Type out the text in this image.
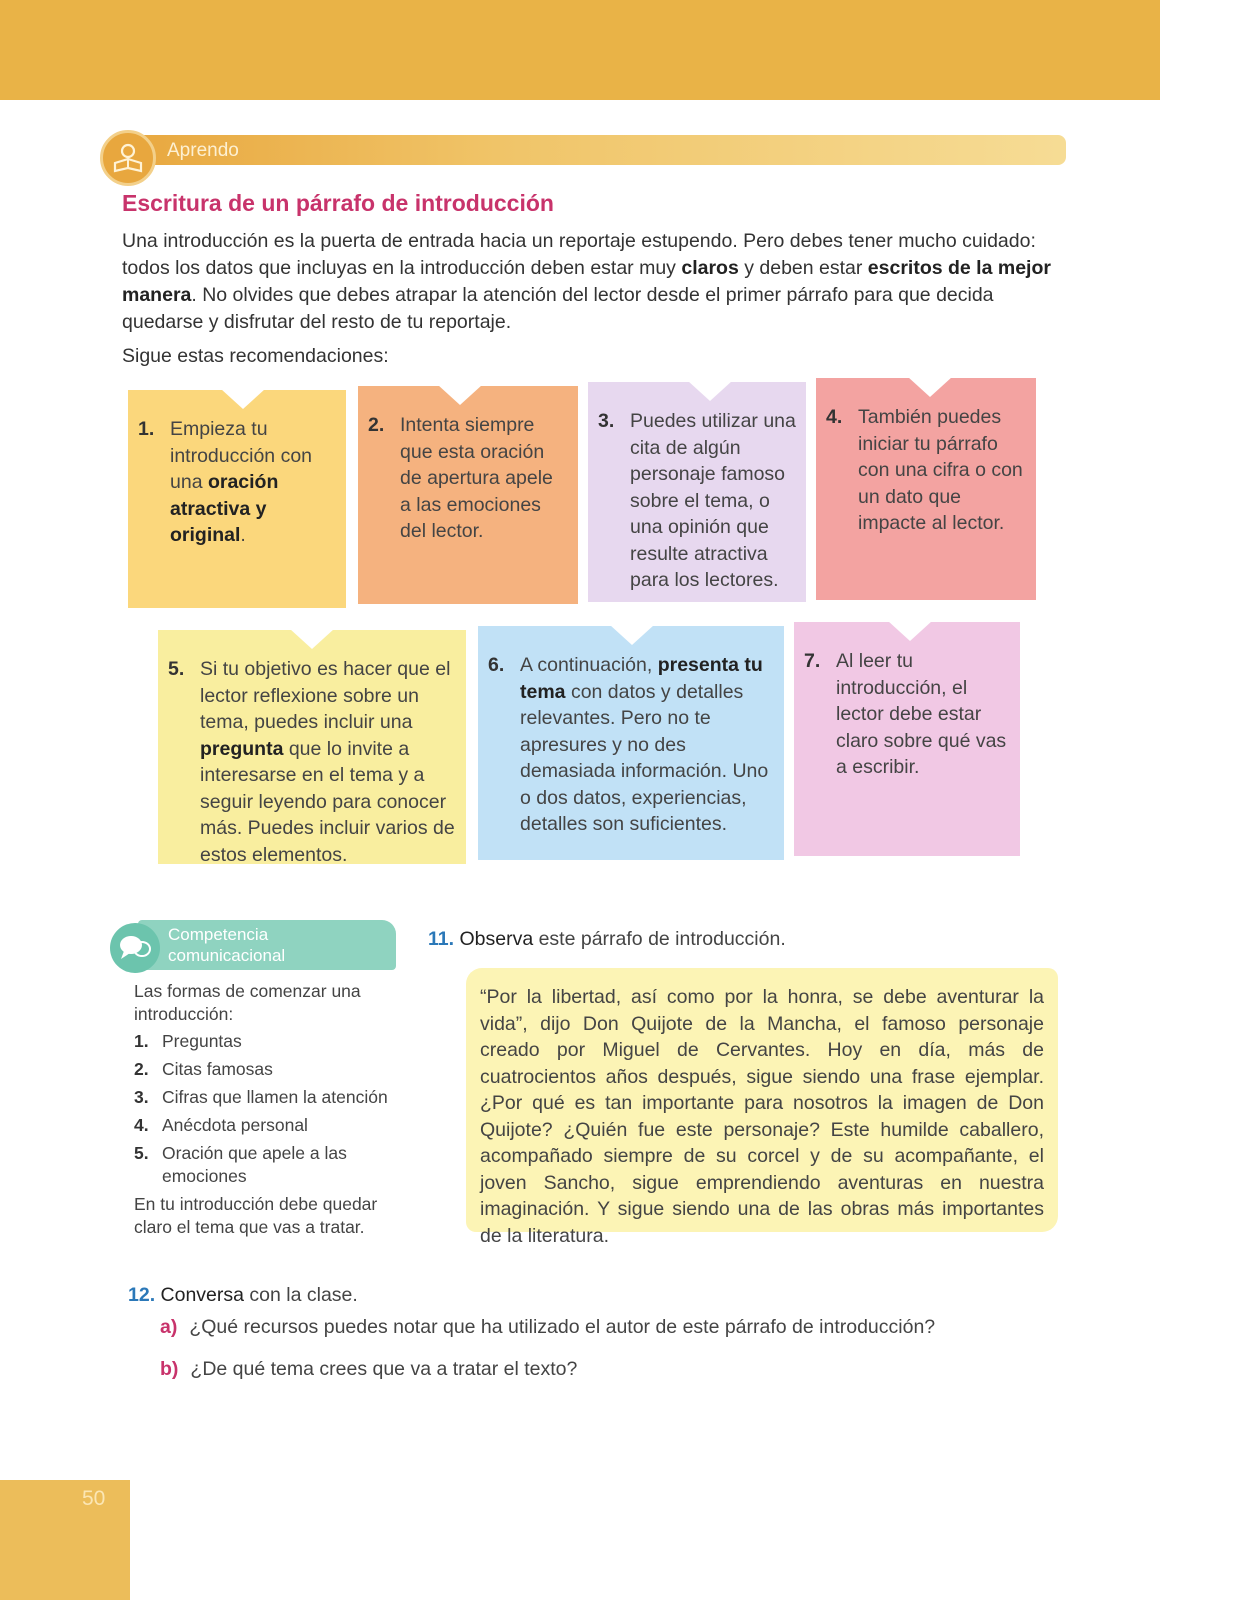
Aprendo
Escritura de un párrafo de introducción

Una introducción es la puerta de entrada hacia un reportaje estupendo. Pero debes tener mucho cuidado: todos los datos que incluyas en la introducción deben estar muy claros y deben estar escritos de la mejor manera. No olvides que debes atrapar la atención del lector desde el primer párrafo para que decida quedarse y disfrutar del resto de tu reportaje.

Sigue estas recomendaciones:

1. Empieza tu introducción con una oración atractiva y original.
2. Intenta siempre que esta oración de apertura apele a las emociones del lector.
3. Puedes utilizar una cita de algún personaje famoso sobre el tema, o una opinión que resulte atractiva para los lectores.
4. También puedes iniciar tu párrafo con una cifra o con un dato que impacte al lector.
5. Si tu objetivo es hacer que el lector reflexione sobre un tema, puedes incluir una pregunta que lo invite a interesarse en el tema y a seguir leyendo para conocer más. Puedes incluir varios de estos elementos.
6. A continuación, presenta tu tema con datos y detalles relevantes. Pero no te apresures y no des demasiada información. Uno o dos datos, experiencias, detalles son suficientes.
7. Al leer tu introducción, el lector debe estar claro sobre qué vas a escribir.
Competencia
comunicacional

Las formas de comenzar una introducción:

1. Preguntas
2. Citas famosas
3. Cifras que llamen la atención
4. Anécdota personal
5. Oración que apele a las emociones

En tu introducción debe quedar claro el tema que vas a tratar.

11. Observa este párrafo de introducción.

“Por la libertad, así como por la honra, se debe aventurar la vida”, dijo Don Quijote de la Mancha, el famoso personaje creado por Miguel de Cervantes. Hoy en día, más de cuatrocientos años después, sigue siendo una frase ejemplar. ¿Por qué es tan importante para nosotros la imagen de Don Quijote? ¿Quién fue este personaje? Este humilde caballero, acompañado siempre de su corcel y de su acompañante, el joven Sancho, sigue emprendiendo aventuras en nuestra imaginación. Y sigue siendo una de las obras más importantes de la literatura.

12. Conversa con la clase.

a) ¿Qué recursos puedes notar que ha utilizado el autor de este párrafo de introducción?

b) ¿De qué tema crees que va a tratar el texto?

50
